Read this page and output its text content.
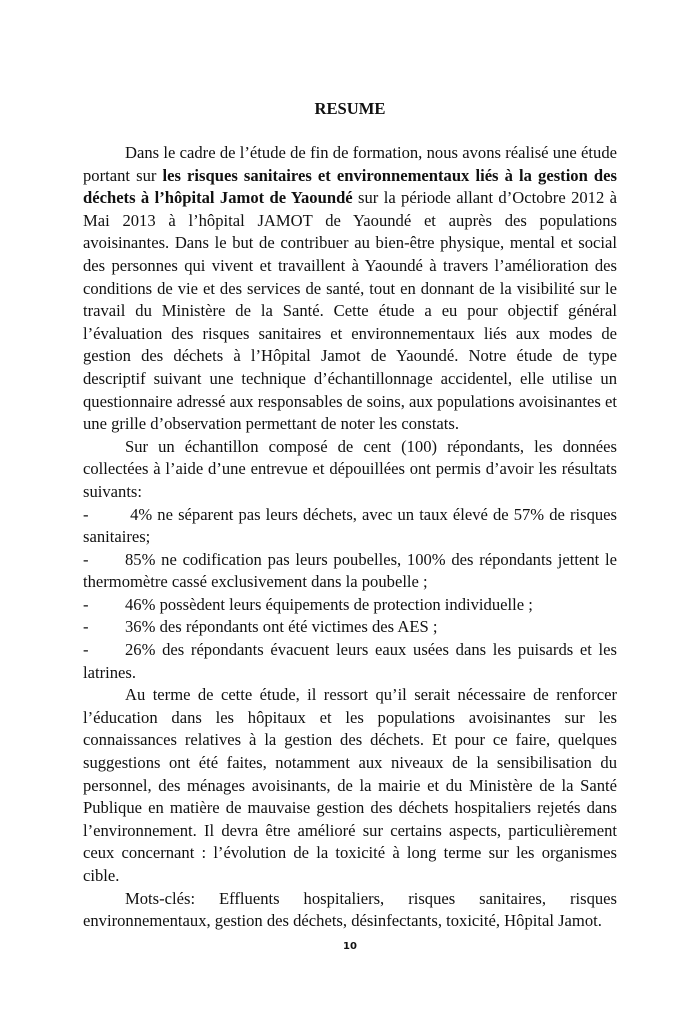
RESUME

Dans le cadre de l’étude de fin de formation, nous avons réalisé une étude portant sur les risques sanitaires et environnementaux liés à la gestion des déchets à l’hôpital Jamot de Yaoundé sur la période allant d’Octobre 2012 à Mai 2013 à l’hôpital JAMOT de Yaoundé et auprès des populations avoisinantes. Dans le but de contribuer au bien-être physique, mental et social des personnes qui vivent et travaillent à Yaoundé à travers l’amélioration des conditions de vie et des services de santé, tout en donnant de la visibilité sur le travail du Ministère de la Santé. Cette étude a eu pour objectif général l’évaluation des risques sanitaires et environnementaux liés aux modes de gestion des déchets à l’Hôpital Jamot de Yaoundé. Notre étude de type descriptif suivant une technique d’échantillonnage accidentel, elle utilise un questionnaire adressé aux responsables de soins, aux populations avoisinantes et une grille d’observation permettant de noter les constats.

Sur un échantillon composé de cent (100) répondants, les données collectées à l’aide d’une entrevue et dépouillées ont permis d’avoir les résultats suivants:

- 4% ne séparent pas leurs déchets, avec un taux élevé de 57% de risques sanitaires;

- 85% ne codification pas leurs poubelles, 100% des répondants jettent le thermomètre cassé exclusivement dans la poubelle ;

- 46% possèdent leurs équipements de protection individuelle ;

- 36% des répondants ont été victimes des AES ;

- 26% des répondants évacuent leurs eaux usées dans les puisards et les latrines.

Au terme de cette étude, il ressort qu’il serait nécessaire de renforcer l’éducation dans les hôpitaux et les populations avoisinantes sur les connaissances relatives à la gestion des déchets. Et pour ce faire, quelques suggestions ont été faites, notamment aux niveaux de la sensibilisation du personnel, des ménages avoisinants, de la mairie et du Ministère de la Santé Publique en matière de mauvaise gestion des déchets hospitaliers rejetés dans l’environnement. Il devra être amélioré sur certains aspects, particulièrement ceux concernant : l’évolution de la toxicité à long terme sur les organismes cible.

Mots-clés: Effluents hospitaliers, risques sanitaires, risques environnementaux, gestion des déchets, désinfectants, toxicité, Hôpital Jamot.

10
